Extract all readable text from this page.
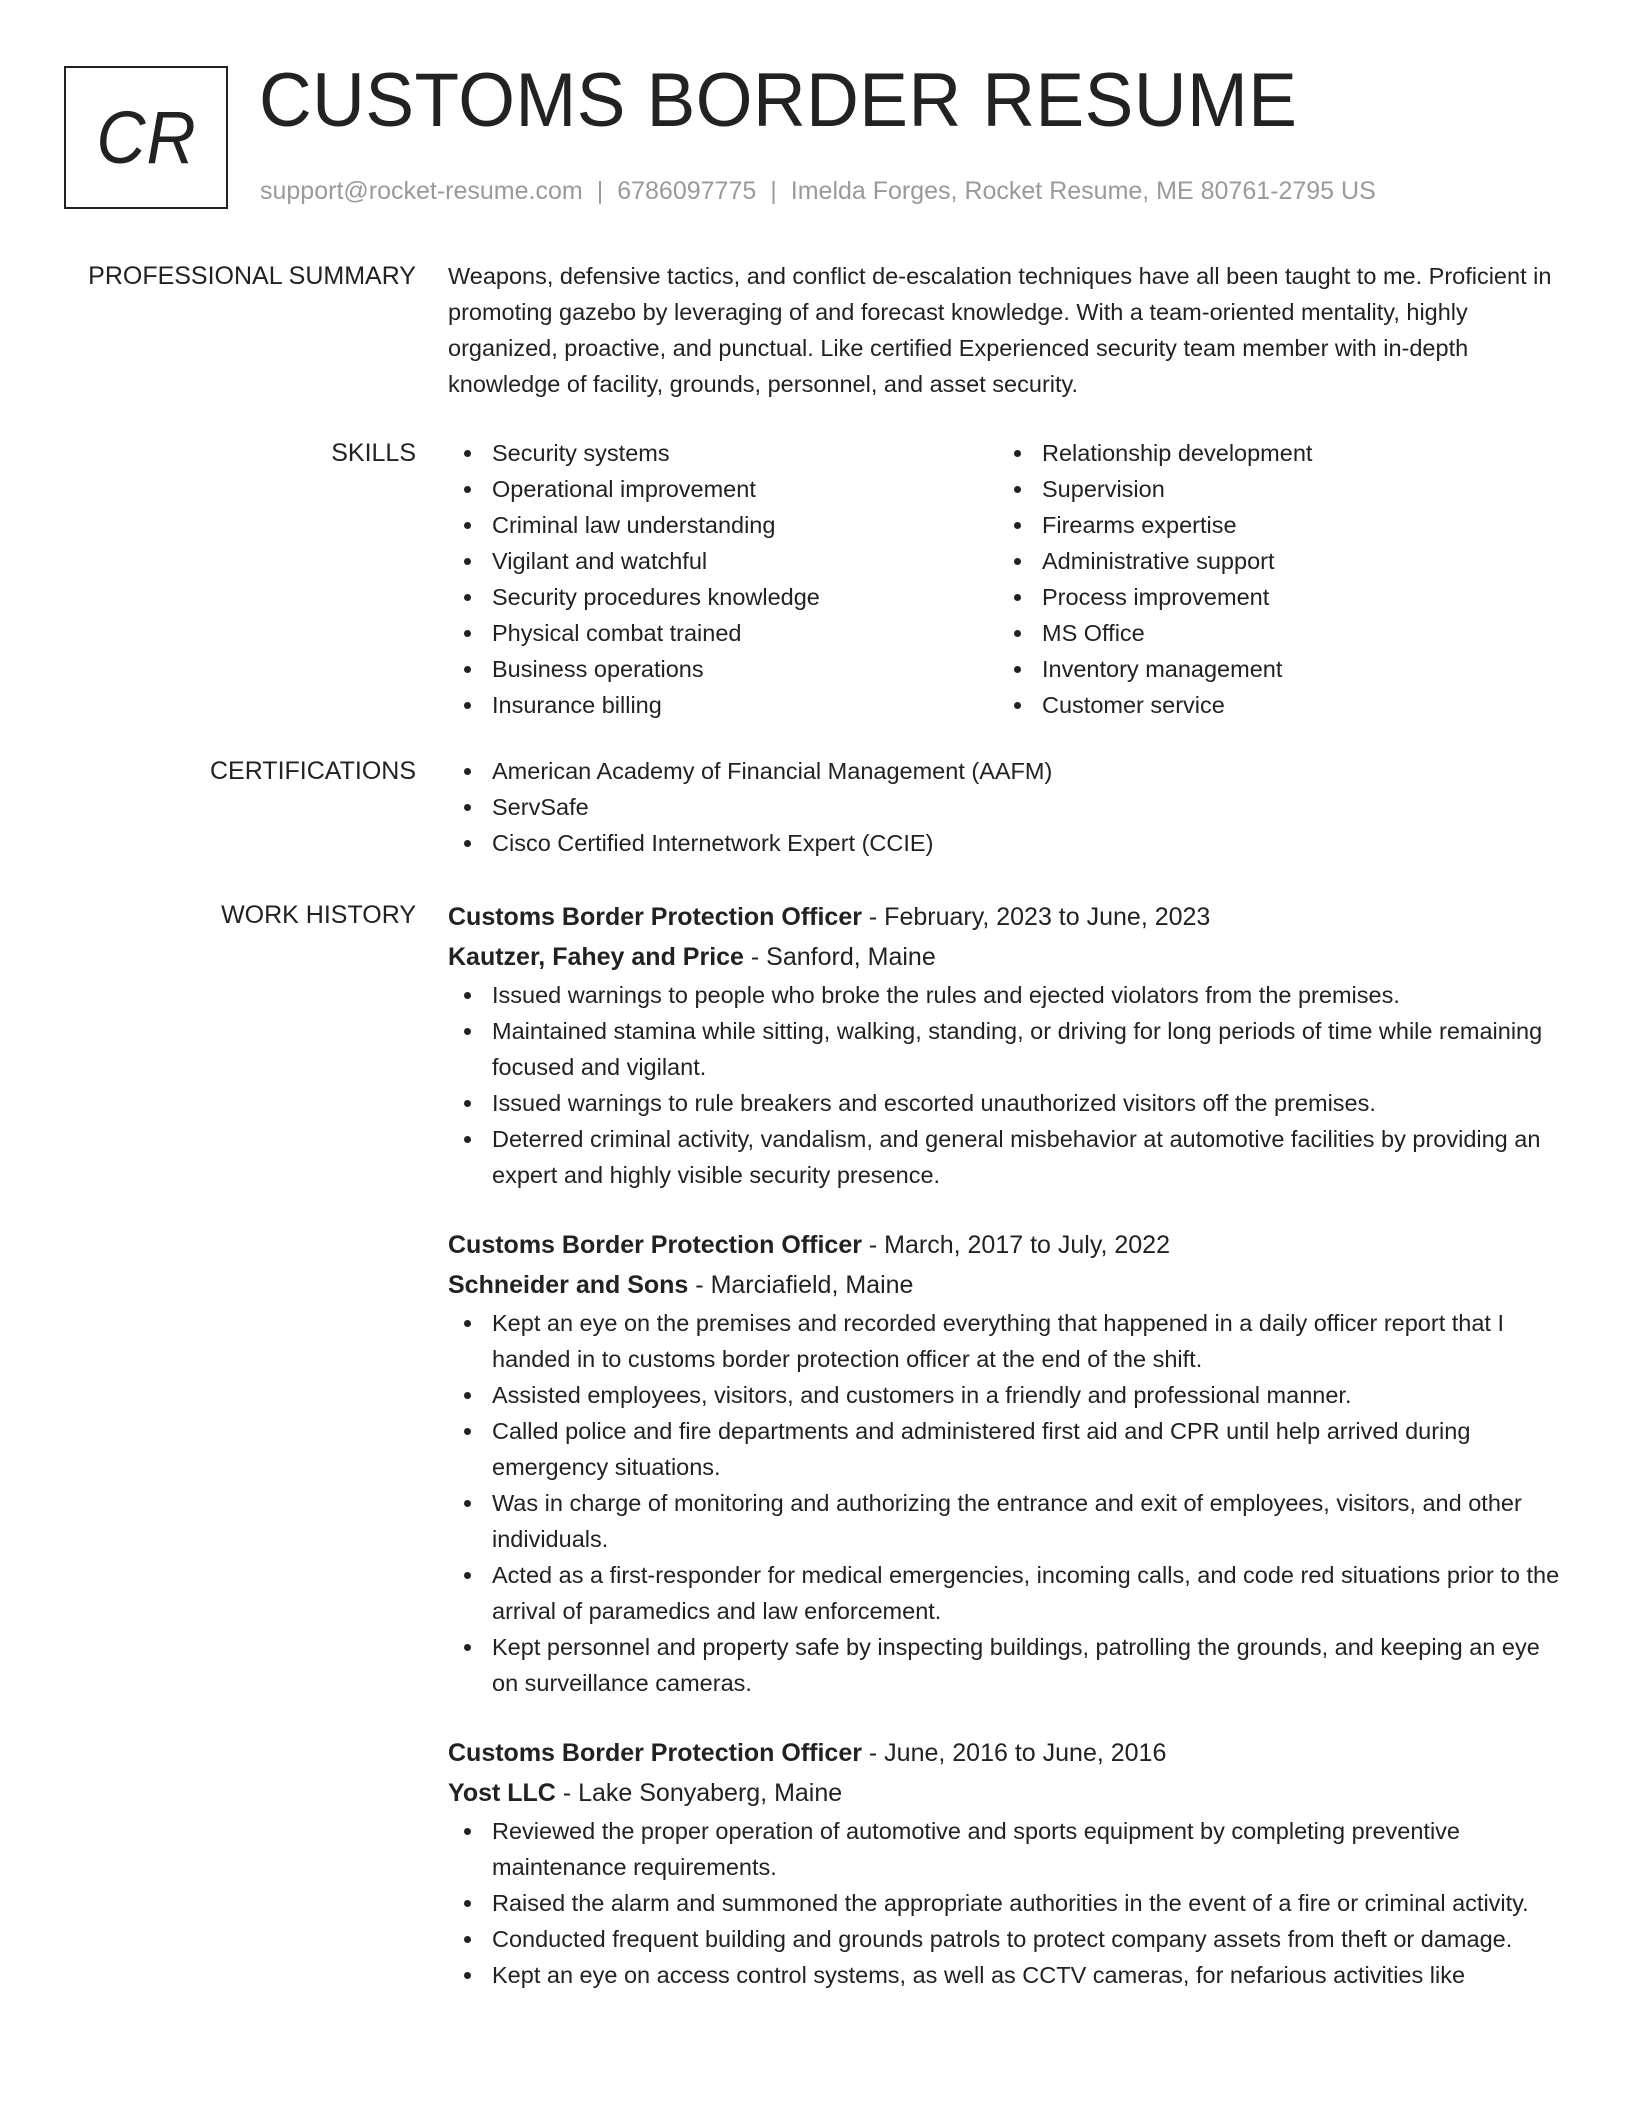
CR CUSTOMS BORDER RESUME
support@rocket-resume.com | 6786097775 | Imelda Forges, Rocket Resume, ME 80761-2795 US
PROFESSIONAL SUMMARY Weapons, defensive tactics, and conflict de-escalation techniques have all been taught to me. Proficient in promoting gazebo by leveraging of and forecast knowledge. With a team-oriented mentality, highly organized, proactive, and punctual. Like certified Experienced security team member with in-depth knowledge of facility, grounds, personnel, and asset security.
SKILLS	Security systems
Operational improvement
Criminal law understanding
Vigilant and watchful
Security procedures knowledge
Physical combat trained
Business operations
Insurance billing
Relationship development
Supervision
Firearms expertise
Administrative support
Process improvement
MS Office
Inventory management
Customer service
CERTIFICATIONS	American Academy of Financial Management (AAFM)
ServSafe
Cisco Certified Internetwork Expert (CCIE)
WORK HISTORY Customs Border Protection Officer - February, 2023 to June, 2023
Kautzer, Fahey and Price - Sanford, Maine
Issued warnings to people who broke the rules and ejected violators from the premises.
Maintained stamina while sitting, walking, standing, or driving for long periods of time while remaining focused and vigilant.
Issued warnings to rule breakers and escorted unauthorized visitors off the premises.
Deterred criminal activity, vandalism, and general misbehavior at automotive facilities by providing an expert and highly visible security presence.
Customs Border Protection Officer - March, 2017 to July, 2022
Schneider and Sons - Marciafield, Maine
Kept an eye on the premises and recorded everything that happened in a daily officer report that I handed in to customs border protection officer at the end of the shift.
Assisted employees, visitors, and customers in a friendly and professional manner.
Called police and fire departments and administered first aid and CPR until help arrived during emergency situations.
Was in charge of monitoring and authorizing the entrance and exit of employees, visitors, and other individuals.
Acted as a first-responder for medical emergencies, incoming calls, and code red situations prior to the arrival of paramedics and law enforcement.
Kept personnel and property safe by inspecting buildings, patrolling the grounds, and keeping an eye on surveillance cameras.
Customs Border Protection Officer - June, 2016 to June, 2016
Yost LLC - Lake Sonyaberg, Maine
Reviewed the proper operation of automotive and sports equipment by completing preventive maintenance requirements.
Raised the alarm and summoned the appropriate authorities in the event of a fire or criminal activity.
Conducted frequent building and grounds patrols to protect company assets from theft or damage.
Kept an eye on access control systems, as well as CCTV cameras, for nefarious activities like
